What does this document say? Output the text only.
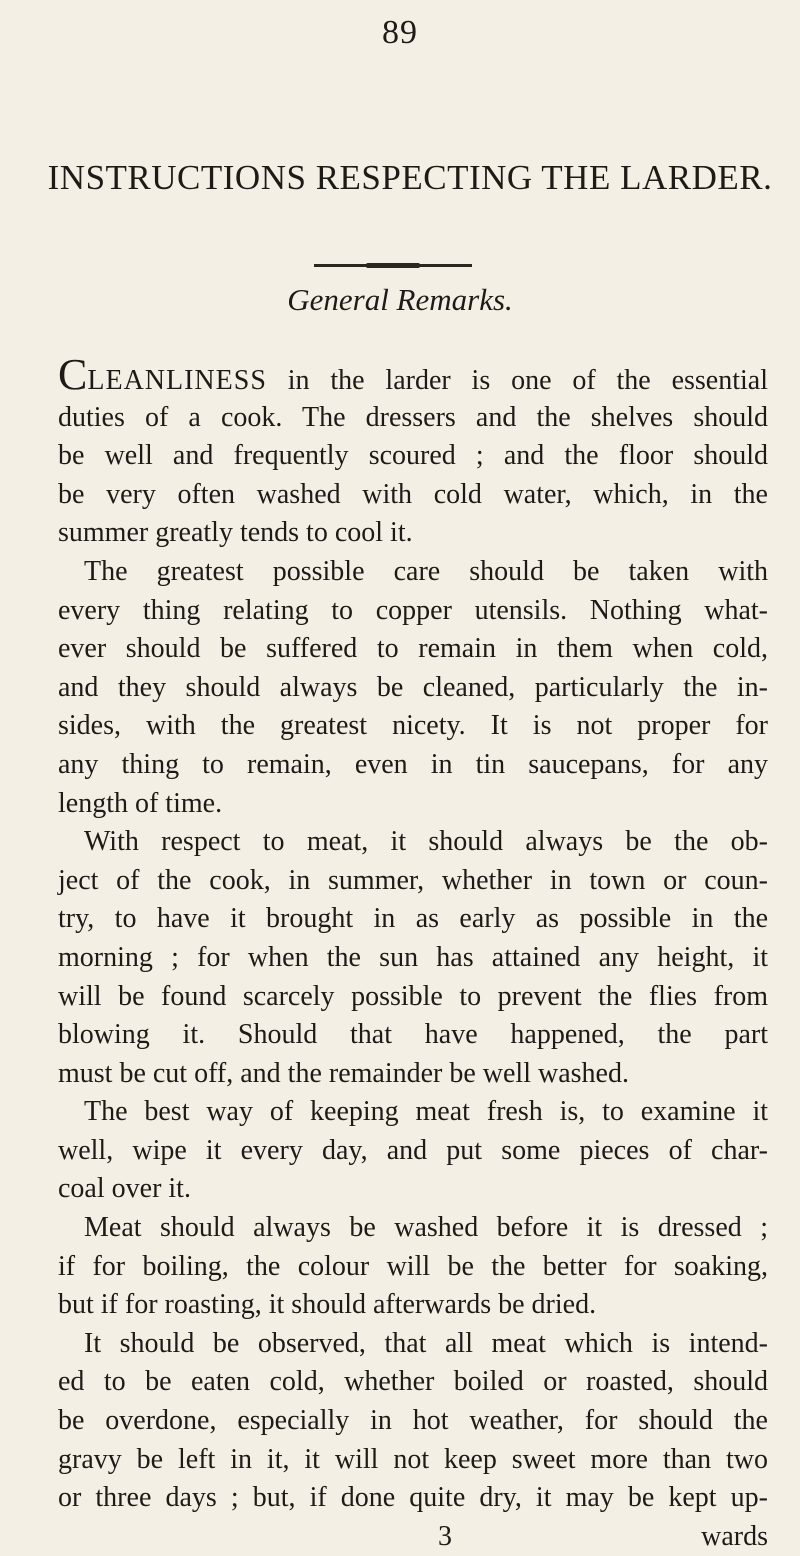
89
INSTRUCTIONS RESPECTING THE LARDER.
General Remarks.
CLEANLINESS in the larder is one of the essential
duties of a cook. The dressers and the shelves should
be well and frequently scoured ; and the floor should
be very often washed with cold water, which, in the
summer greatly tends to cool it.
The greatest possible care should be taken with
every thing relating to copper utensils. Nothing what-
ever should be suffered to remain in them when cold,
and they should always be cleaned, particularly the in-
sides, with the greatest nicety. It is not proper for
any thing to remain, even in tin saucepans, for any
length of time.
With respect to meat, it should always be the ob-
ject of the cook, in summer, whether in town or coun-
try, to have it brought in as early as possible in the
morning ; for when the sun has attained any height, it
will be found scarcely possible to prevent the flies from
blowing it. Should that have happened, the part
must be cut off, and the remainder be well washed.
The best way of keeping meat fresh is, to examine it
well, wipe it every day, and put some pieces of char-
coal over it.
Meat should always be washed before it is dressed ;
if for boiling, the colour will be the better for soaking,
but if for roasting, it should afterwards be dried.
It should be observed, that all meat which is intend-
ed to be eaten cold, whether boiled or roasted, should
be overdone, especially in hot weather, for should the
gravy be left in it, it will not keep sweet more than two
or three days ; but, if done quite dry, it may be kept up-
3	wards
